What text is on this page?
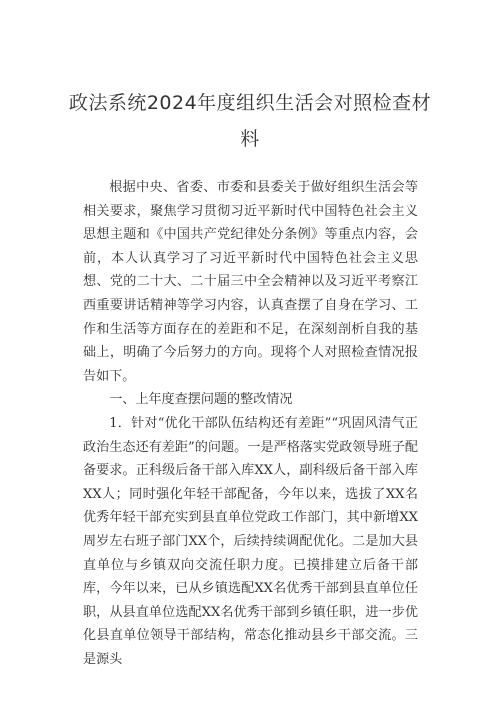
政法系统2024年度组织生活会对照检查材
料

根据中央、省委、市委和县委关于做好组织生活会等相关要求，聚焦学习贯彻习近平新时代中国特色社会主义思想主题和《中国共产党纪律处分条例》等重点内容，会前，本人认真学习了习近平新时代中国特色社会主义思想、党的二十大、二十届三中全会精神以及习近平考察江西重要讲话精神等学习内容，认真查摆了自身在学习、工作和生活等方面存在的差距和不足，在深刻剖析自我的基础上，明确了今后努力的方向。现将个人对照检查情况报告如下。

一、上年度查摆问题的整改情况

1．针对“优化干部队伍结构还有差距”“巩固风清气正政治生态还有差距”的问题。一是严格落实党政领导班子配备要求。正科级后备干部入库XX人，副科级后备干部入库XX人；同时强化年轻干部配备，今年以来，选拔了XX名优秀年轻干部充实到县直单位党政工作部门，其中新增XX周岁左右班子部门XX个，后续持续调配优化。二是加大县直单位与乡镇双向交流任职力度。已摸排建立后备干部库，今年以来，已从乡镇选配XX名优秀干部到县直单位任职，从县直单位选配XX名优秀干部到乡镇任职，进一步优化县直单位领导干部结构，常态化推动县乡干部交流。三是源头
